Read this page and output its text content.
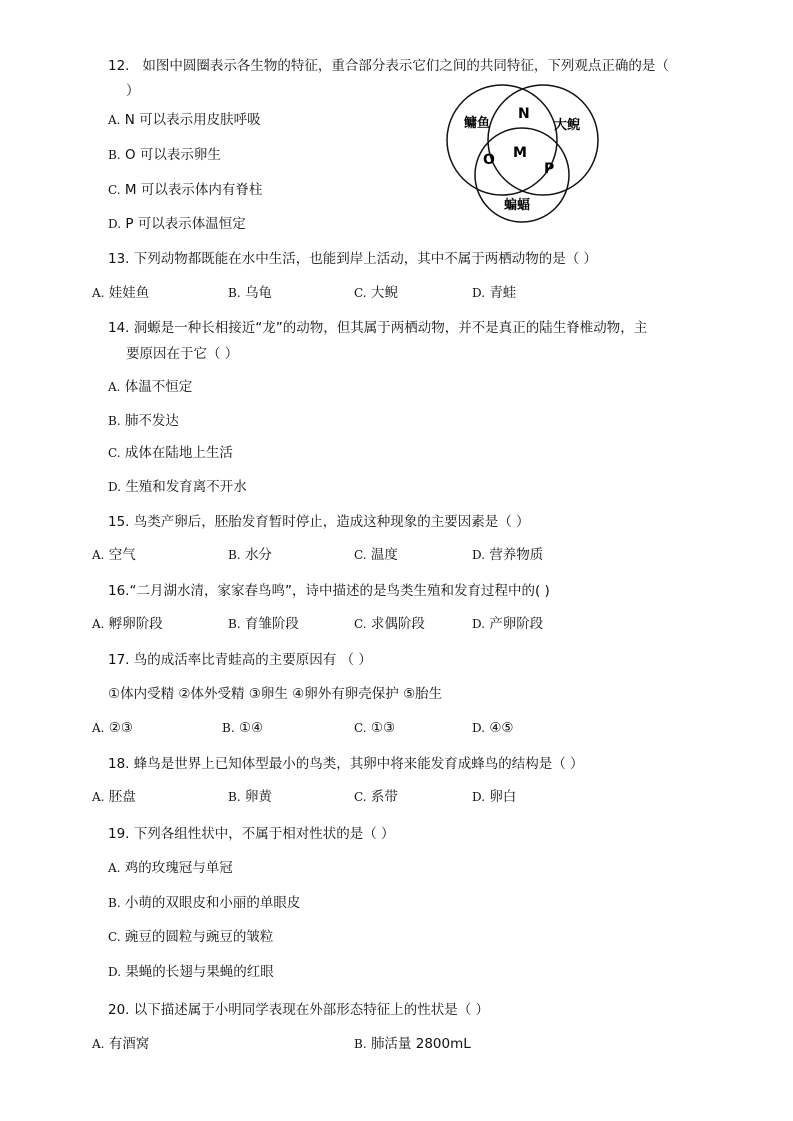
12. 如图中圆圈表示各生物的特征，重合部分表示它们之间的共同特征，下列观点正确的是（
）
A. N 可以表示用皮肤呼吸
B. O 可以表示卵生
C. M 可以表示体内有脊柱
D. P 可以表示体温恒定
鳙鱼	大鲵
蝙蝠
N
O M
P
13. 下列动物都既能在水中生活，也能到岸上活动，其中不属于两栖动物的是（ ）
A. 娃娃鱼	B. 乌龟	C. 大鲵	D. 青蛙
14. 洞螈是一种长相接近“龙”的动物，但其属于两栖动物，并不是真正的陆生脊椎动物，主
要原因在于它（ ）
A. 体温不恒定
B. 肺不发达
C. 成体在陆地上生活
D. 生殖和发育离不开水
15. 鸟类产卵后，胚胎发育暂时停止，造成这种现象的主要因素是（ ）
A. 空气	B. 水分	C. 温度	D. 营养物质
16.“二月湖水清，家家春鸟鸣”，诗中描述的是鸟类生殖和发育过程中的( )
A. 孵卵阶段	B. 育雏阶段	C. 求偶阶段	D. 产卵阶段
17. 鸟的成活率比青蛙高的主要原因有 （ ）
①体内受精 ②体外受精 ③卵生 ④卵外有卵壳保护 ⑤胎生
A. ②③	B. ①④	C. ①③	D. ④⑤
18. 蜂鸟是世界上已知体型最小的鸟类，其卵中将来能发育成蜂鸟的结构是（ ）
A. 胚盘	B. 卵黄	C. 系带	D. 卵白
19. 下列各组性状中，不属于相对性状的是（ ）
A. 鸡的玫瑰冠与单冠
B. 小萌的双眼皮和小丽的单眼皮
C. 豌豆的圆粒与豌豆的皱粒
D. 果蝇的长翅与果蝇的红眼
20. 以下描述属于小明同学表现在外部形态特征上的性状是（ ）
A. 有酒窝	B. 肺活量 2800mL
